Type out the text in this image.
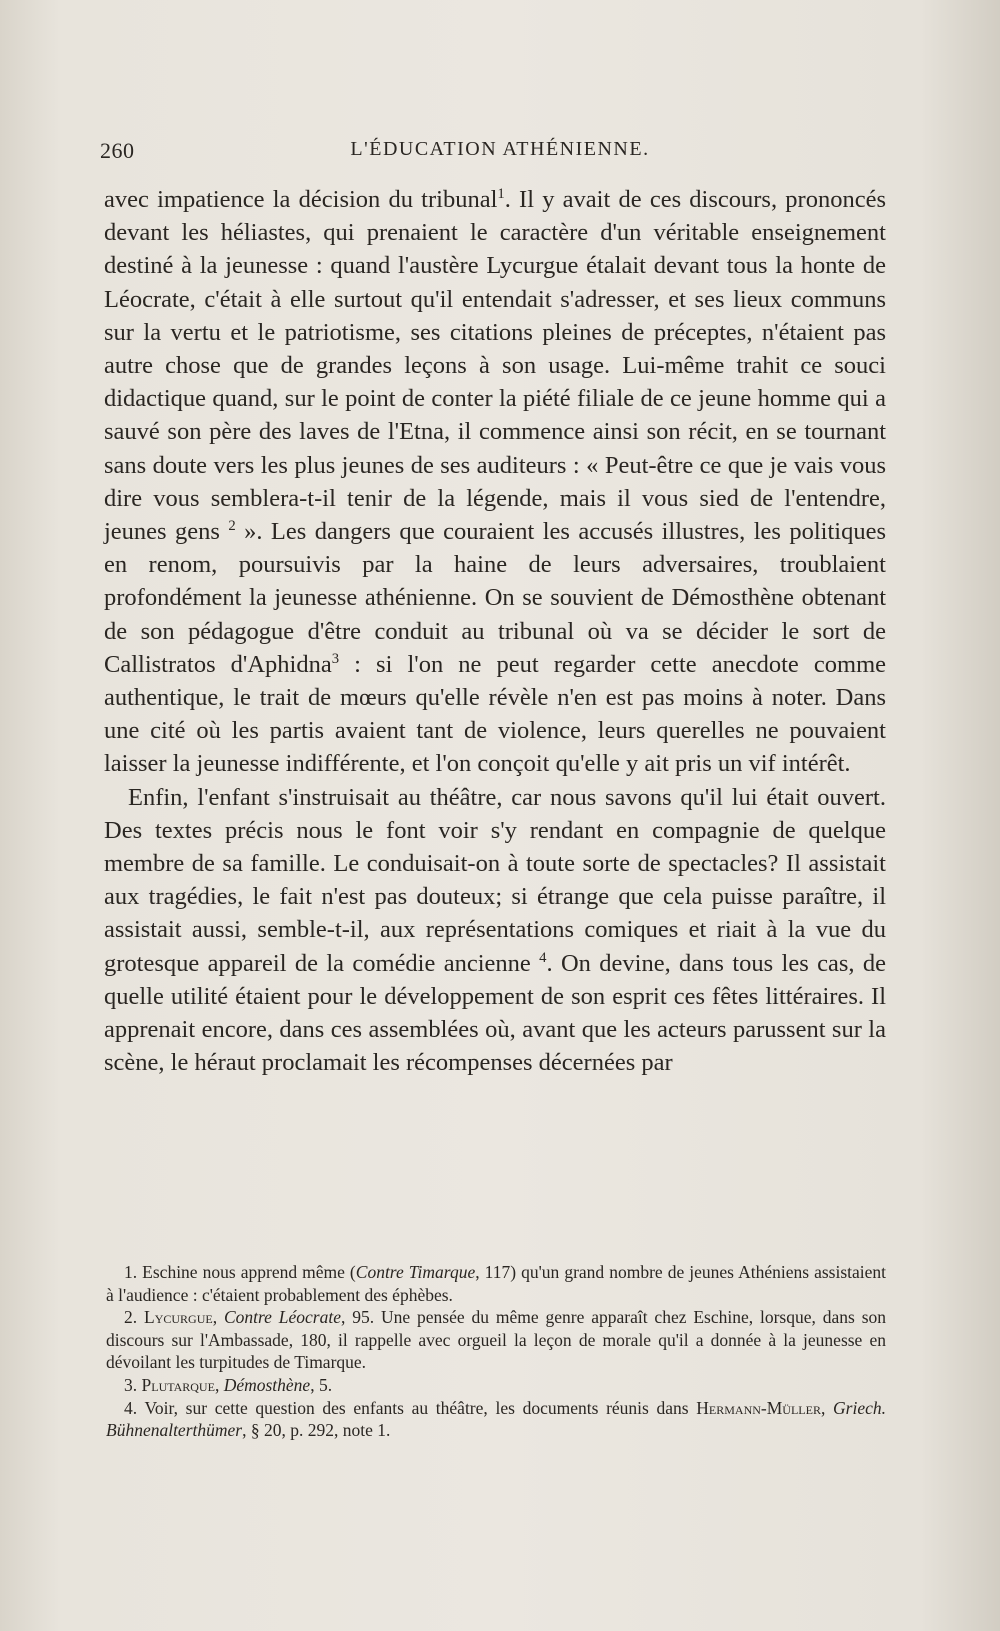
260	L'ÉDUCATION ATHÉNIENNE.

avec impatience la décision du tribunal$^1$. Il y avait de ces discours, prononcés devant les héliastes, qui prenaient le caractère d'un véritable enseignement destiné à la jeunesse : quand l'austère Lycurgue étalait devant tous la honte de Léocrate, c'était à elle surtout qu'il entendait s'adresser, et ses lieux communs sur la vertu et le patriotisme, ses citations pleines de préceptes, n'étaient pas autre chose que de grandes leçons à son usage. Lui-même trahit ce souci didactique quand, sur le point de conter la piété filiale de ce jeune homme qui a sauvé son père des laves de l'Etna, il commence ainsi son récit, en se tournant sans doute vers les plus jeunes de ses auditeurs : « Peut-être ce que je vais vous dire vous semblera-t-il tenir de la légende, mais il vous sied de l'entendre, jeunes gens $^2$ ». Les dangers que couraient les accusés illustres, les politiques en renom, poursuivis par la haine de leurs adversaires, troublaient profondément la jeunesse athénienne. On se souvient de Démosthène obtenant de son pédagogue d'être conduit au tribunal où va se décider le sort de Callistratos d'Aphidna$^3$ : si l'on ne peut regarder cette anecdote comme authentique, le trait de mœurs qu'elle révèle n'en est pas moins à noter. Dans une cité où les partis avaient tant de violence, leurs querelles ne pouvaient laisser la jeunesse indifférente, et l'on conçoit qu'elle y ait pris un vif intérêt.

Enfin, l'enfant s'instruisait au théâtre, car nous savons qu'il lui était ouvert. Des textes précis nous le font voir s'y rendant en compagnie de quelque membre de sa famille. Le conduisait-on à toute sorte de spectacles? Il assistait aux tragédies, le fait n'est pas douteux; si étrange que cela puisse paraître, il assistait aussi, semble-t-il, aux représentations comiques et riait à la vue du grotesque appareil de la comédie ancienne $^4$. On devine, dans tous les cas, de quelle utilité étaient pour le développement de son esprit ces fêtes littéraires. Il apprenait encore, dans ces assemblées où, avant que les acteurs parussent sur la scène, le héraut proclamait les récompenses décernées par

1. Eschine nous apprend même (Contre Timarque, 117) qu'un grand nombre de jeunes Athéniens assistaient à l'audience : c'étaient probablement des éphèbes.

2. Lycurgue, Contre Léocrate, 95. Une pensée du même genre apparaît chez Eschine, lorsque, dans son discours sur l'Ambassade, 180, il rappelle avec orgueil la leçon de morale qu'il a donnée à la jeunesse en dévoilant les turpitudes de Timarque.

3. Plutarque, Démosthène, 5.

4. Voir, sur cette question des enfants au théâtre, les documents réunis dans Hermann-Müller, Griech. Bühnenalterthümer, § 20, p. 292, note 1.
